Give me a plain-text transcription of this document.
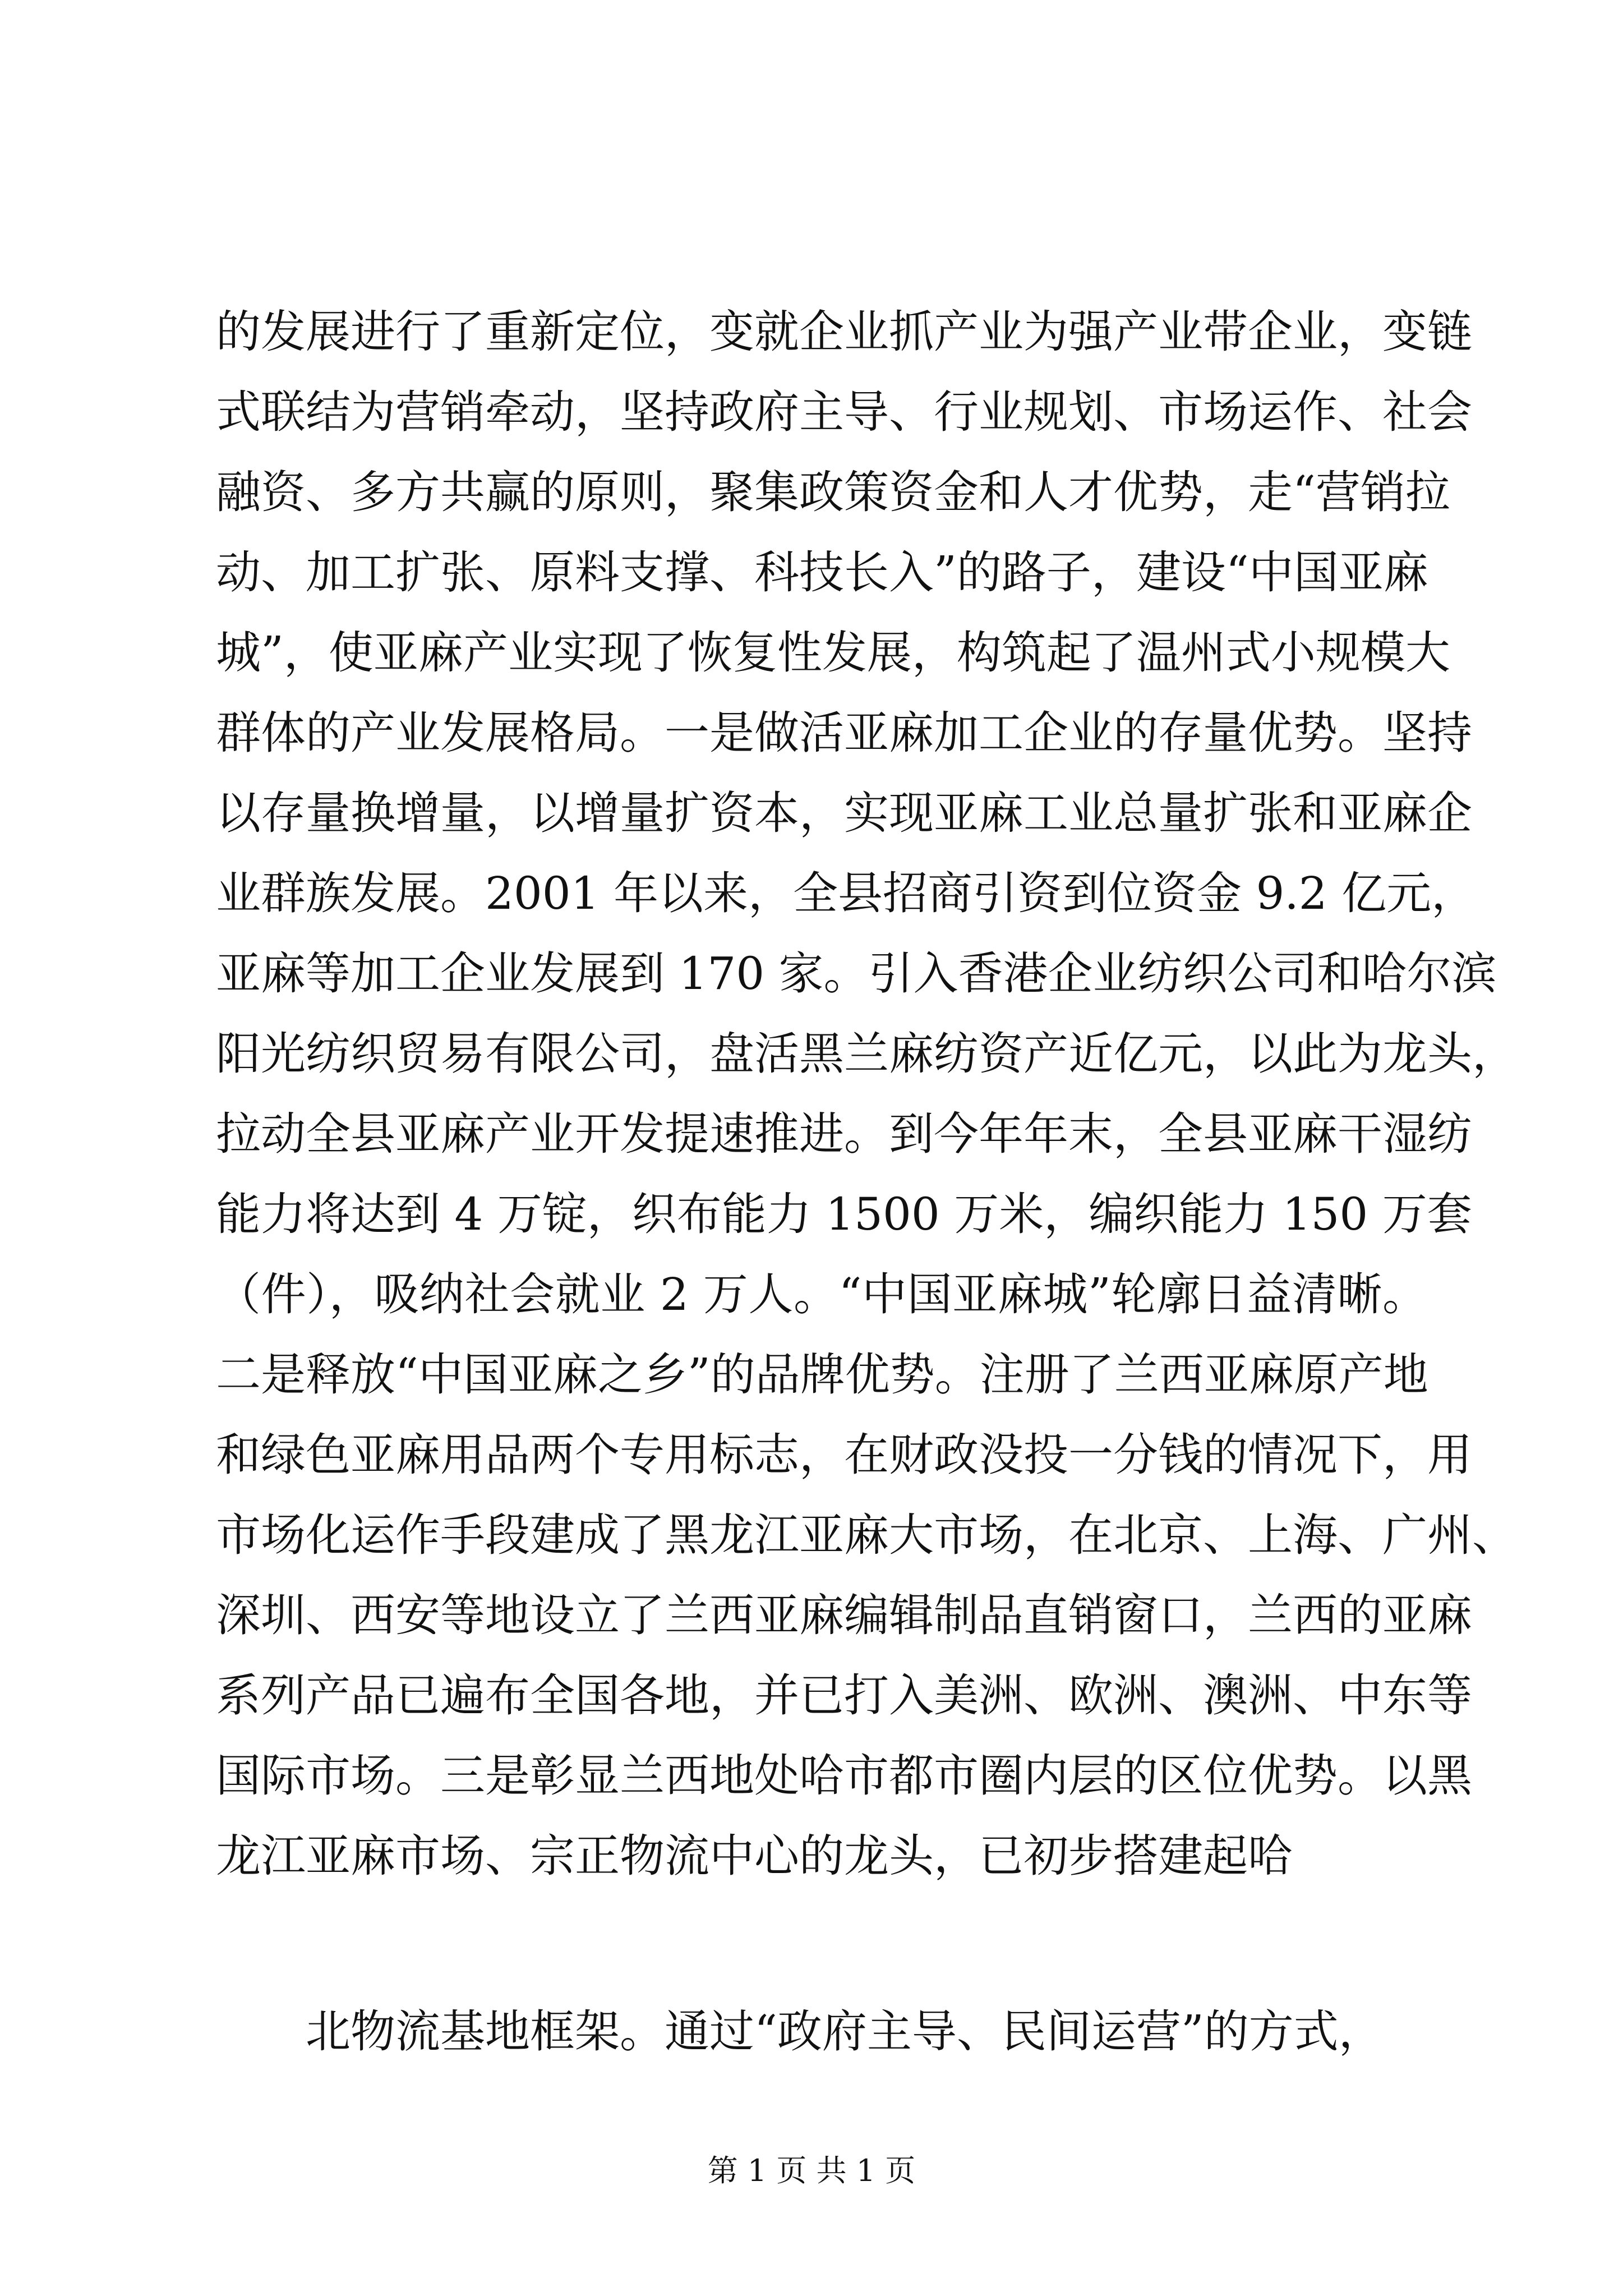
的发展进行了重新定位，变就企业抓产业为强产业带企业，变链
式联结为营销牵动，坚持政府主导、行业规划、市场运作、社会
融资、多方共赢的原则，聚集政策资金和人才优势，走“营销拉
动、加工扩张、原料支撑、科技长入”的路子，建设“中国亚麻
城”，使亚麻产业实现了恢复性发展，构筑起了温州式小规模大
群体的产业发展格局。一是做活亚麻加工企业的存量优势。坚持
以存量换增量，以增量扩资本，实现亚麻工业总量扩张和亚麻企
业群族发展。2001 年以来，全县招商引资到位资金 9.2 亿元，
亚麻等加工企业发展到 170 家。引入香港企业纺织公司和哈尔滨
阳光纺织贸易有限公司，盘活黑兰麻纺资产近亿元，以此为龙头，
拉动全县亚麻产业开发提速推进。到今年年末，全县亚麻干湿纺
能力将达到 4 万锭，织布能力 1500 万米，编织能力 150 万套
（件），吸纳社会就业 2 万人。“中国亚麻城”轮廓日益清晰。
二是释放“中国亚麻之乡”的品牌优势。注册了兰西亚麻原产地
和绿色亚麻用品两个专用标志，在财政没投一分钱的情况下，用
市场化运作手段建成了黑龙江亚麻大市场，在北京、上海、广州、
深圳、西安等地设立了兰西亚麻编辑制品直销窗口，兰西的亚麻
系列产品已遍布全国各地，并已打入美洲、欧洲、澳洲、中东等
国际市场。三是彰显兰西地处哈市都市圈内层的区位优势。以黑
龙江亚麻市场、宗正物流中心的龙头，已初步搭建起哈
北物流基地框架。通过“政府主导、民间运营”的方式，
第 1 页 共 1 页
